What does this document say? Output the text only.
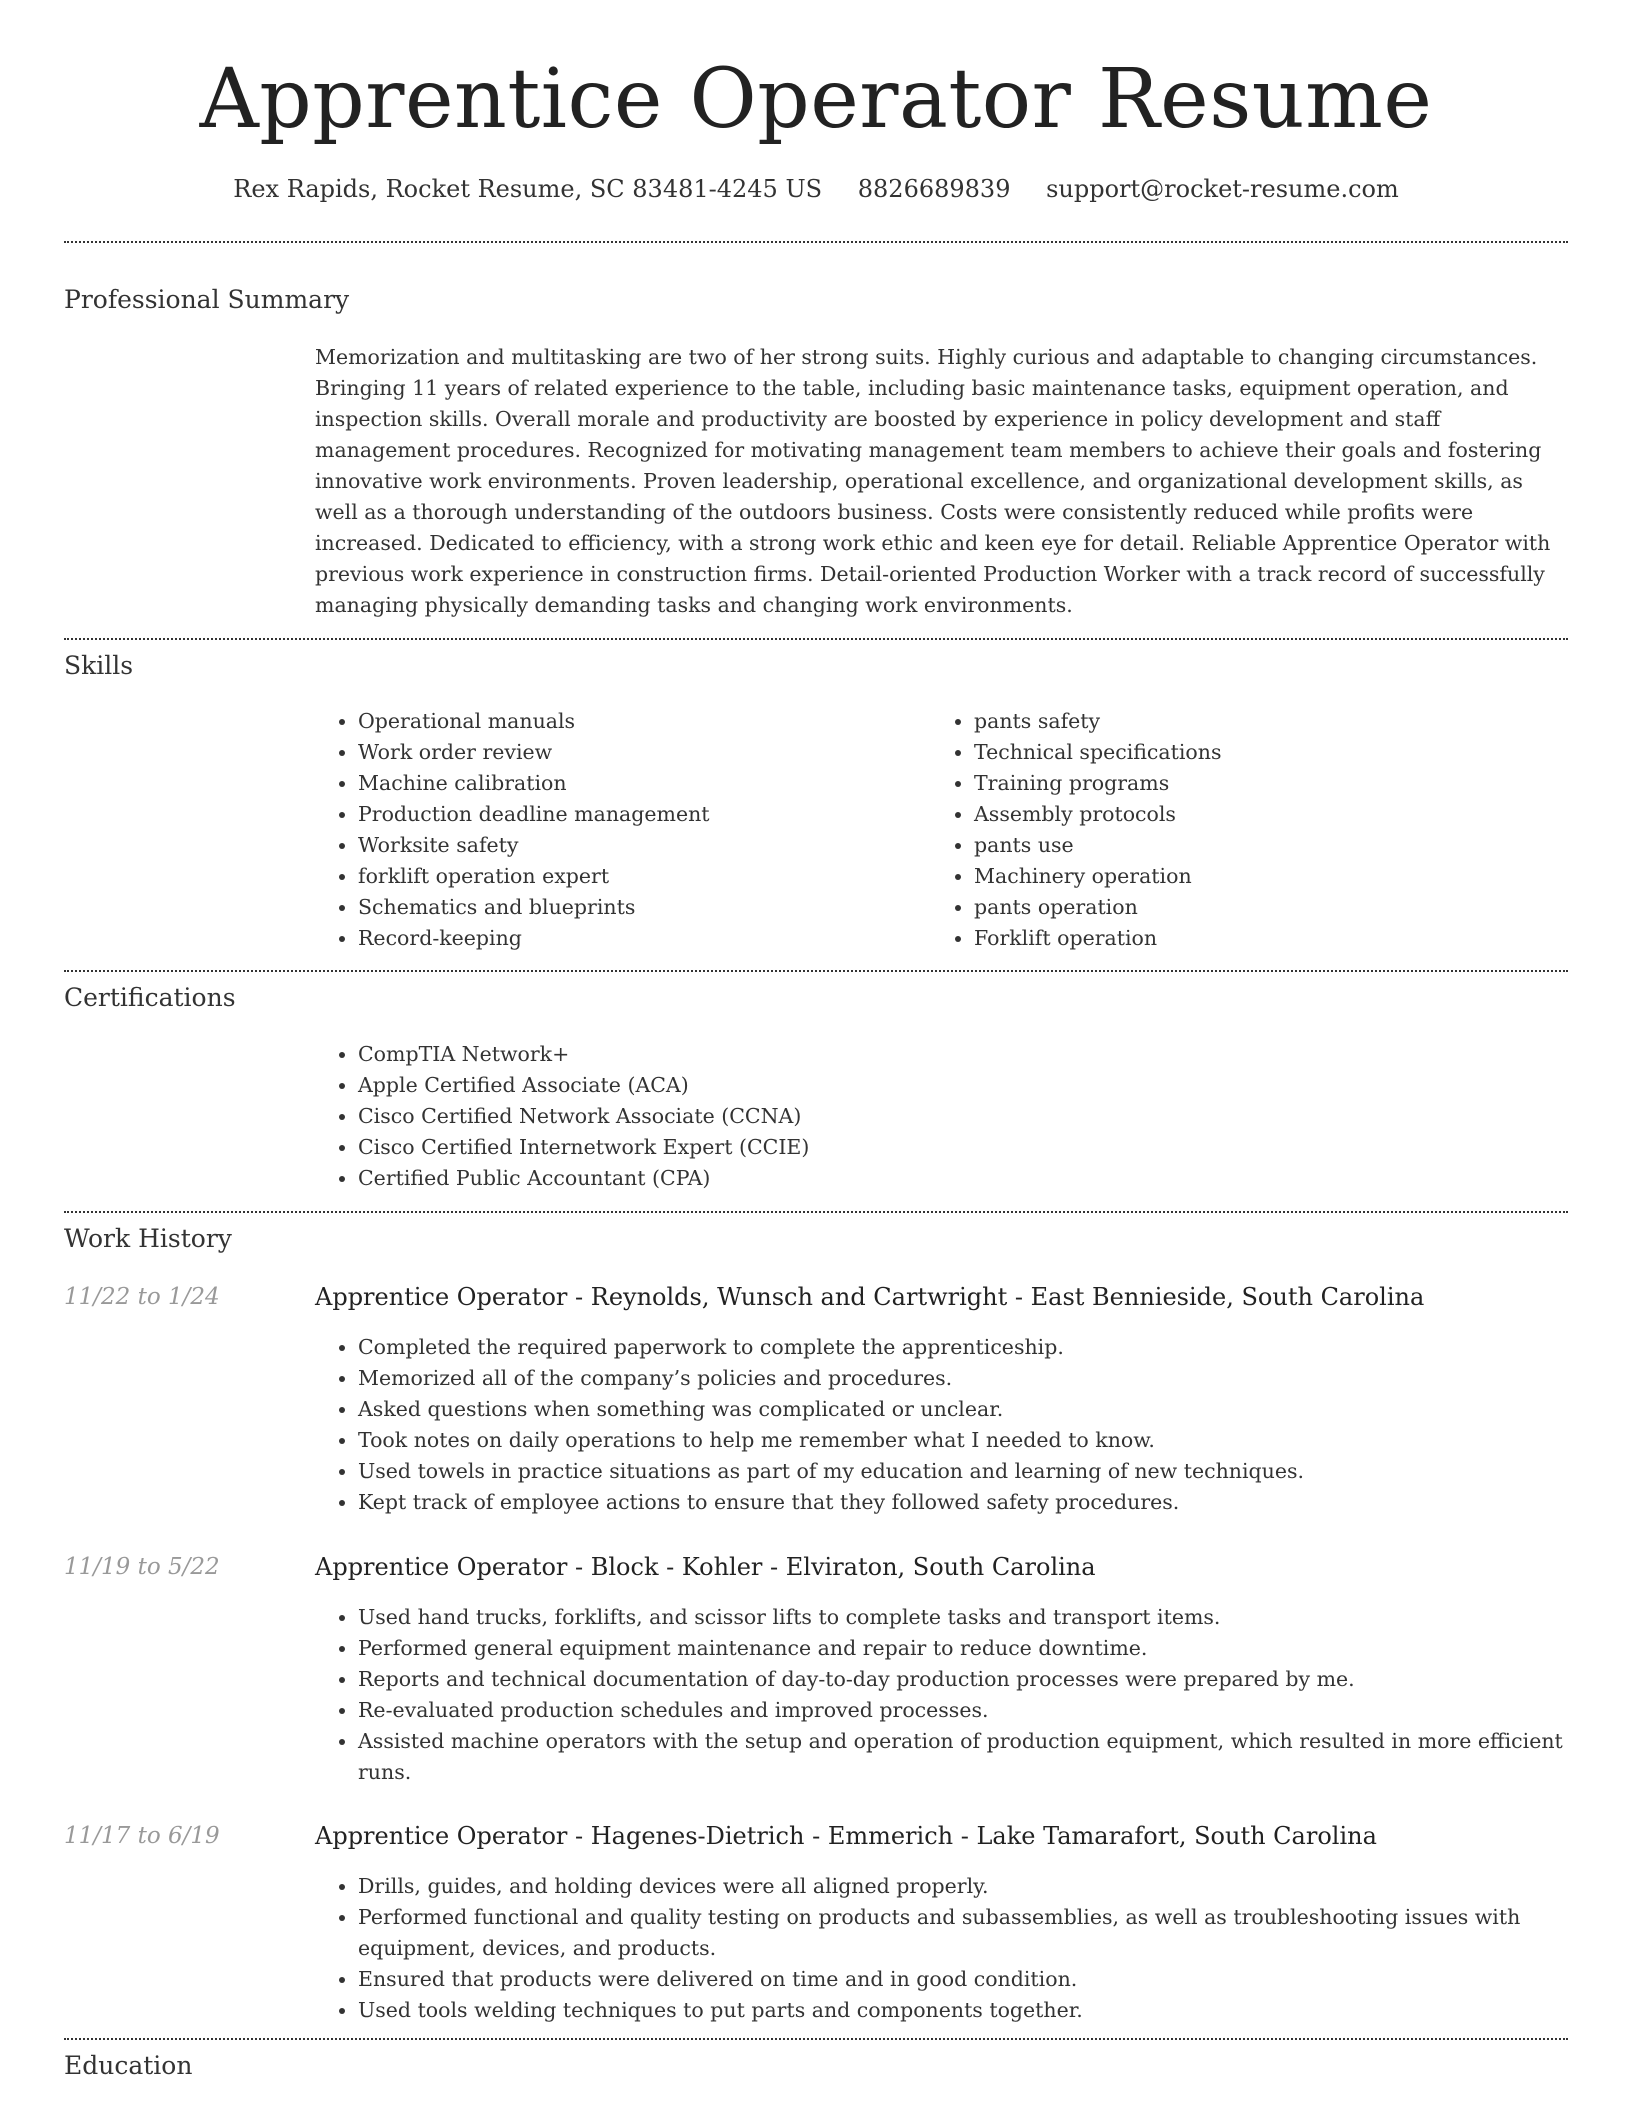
Apprentice Operator Resume
Rex Rapids, Rocket Resume, SC 83481-4245 US 8826689839 support@rocket-resume.com
Professional Summary

Memorization and multitasking are two of her strong suits. Highly curious and adaptable to changing circumstances. Bringing 11 years of related experience to the table, including basic maintenance tasks, equipment operation, and inspection skills. Overall morale and productivity are boosted by experience in policy development and staff management procedures. Recognized for motivating management team members to achieve their goals and fostering innovative work environments. Proven leadership, operational excellence, and organizational development skills, as well as a thorough understanding of the outdoors business. Costs were consistently reduced while profits were increased. Dedicated to efficiency, with a strong work ethic and keen eye for detail. Reliable Apprentice Operator with previous work experience in construction firms. Detail-oriented Production Worker with a track record of successfully managing physically demanding tasks and changing work environments.

Skills
• Operational manuals
• Work order review
• Machine calibration
• Production deadline management
• Worksite safety
• forklift operation expert
• Schematics and blueprints
• Record-keeping
• pants safety
• Technical specifications
• Training programs
• Assembly protocols
• pants use
• Machinery operation
• pants operation
• Forklift operation
Certifications
• CompTIA Network+
• Apple Certified Associate (ACA)
• Cisco Certified Network Associate (CCNA)
• Cisco Certified Internetwork Expert (CCIE)
• Certified Public Accountant (CPA)
Work History
11/22 to 1/24	Apprentice Operator - Reynolds, Wunsch and Cartwright - East Bennieside, South Carolina
• Completed the required paperwork to complete the apprenticeship.
• Memorized all of the company’s policies and procedures.
• Asked questions when something was complicated or unclear.
• Took notes on daily operations to help me remember what I needed to know.
• Used towels in practice situations as part of my education and learning of new techniques.
• Kept track of employee actions to ensure that they followed safety procedures.
11/19 to 5/22	Apprentice Operator - Block - Kohler - Elviraton, South Carolina
• Used hand trucks, forklifts, and scissor lifts to complete tasks and transport items.
• Performed general equipment maintenance and repair to reduce downtime.
• Reports and technical documentation of day-to-day production processes were prepared by me.
• Re-evaluated production schedules and improved processes.
• Assisted machine operators with the setup and operation of production equipment, which resulted in more efficient runs.
11/17 to 6/19	Apprentice Operator - Hagenes-Dietrich - Emmerich - Lake Tamarafort, South Carolina
• Drills, guides, and holding devices were all aligned properly.
• Performed functional and quality testing on products and subassemblies, as well as troubleshooting issues with equipment, devices, and products.
• Ensured that products were delivered on time and in good condition.
• Used tools welding techniques to put parts and components together.
Education
